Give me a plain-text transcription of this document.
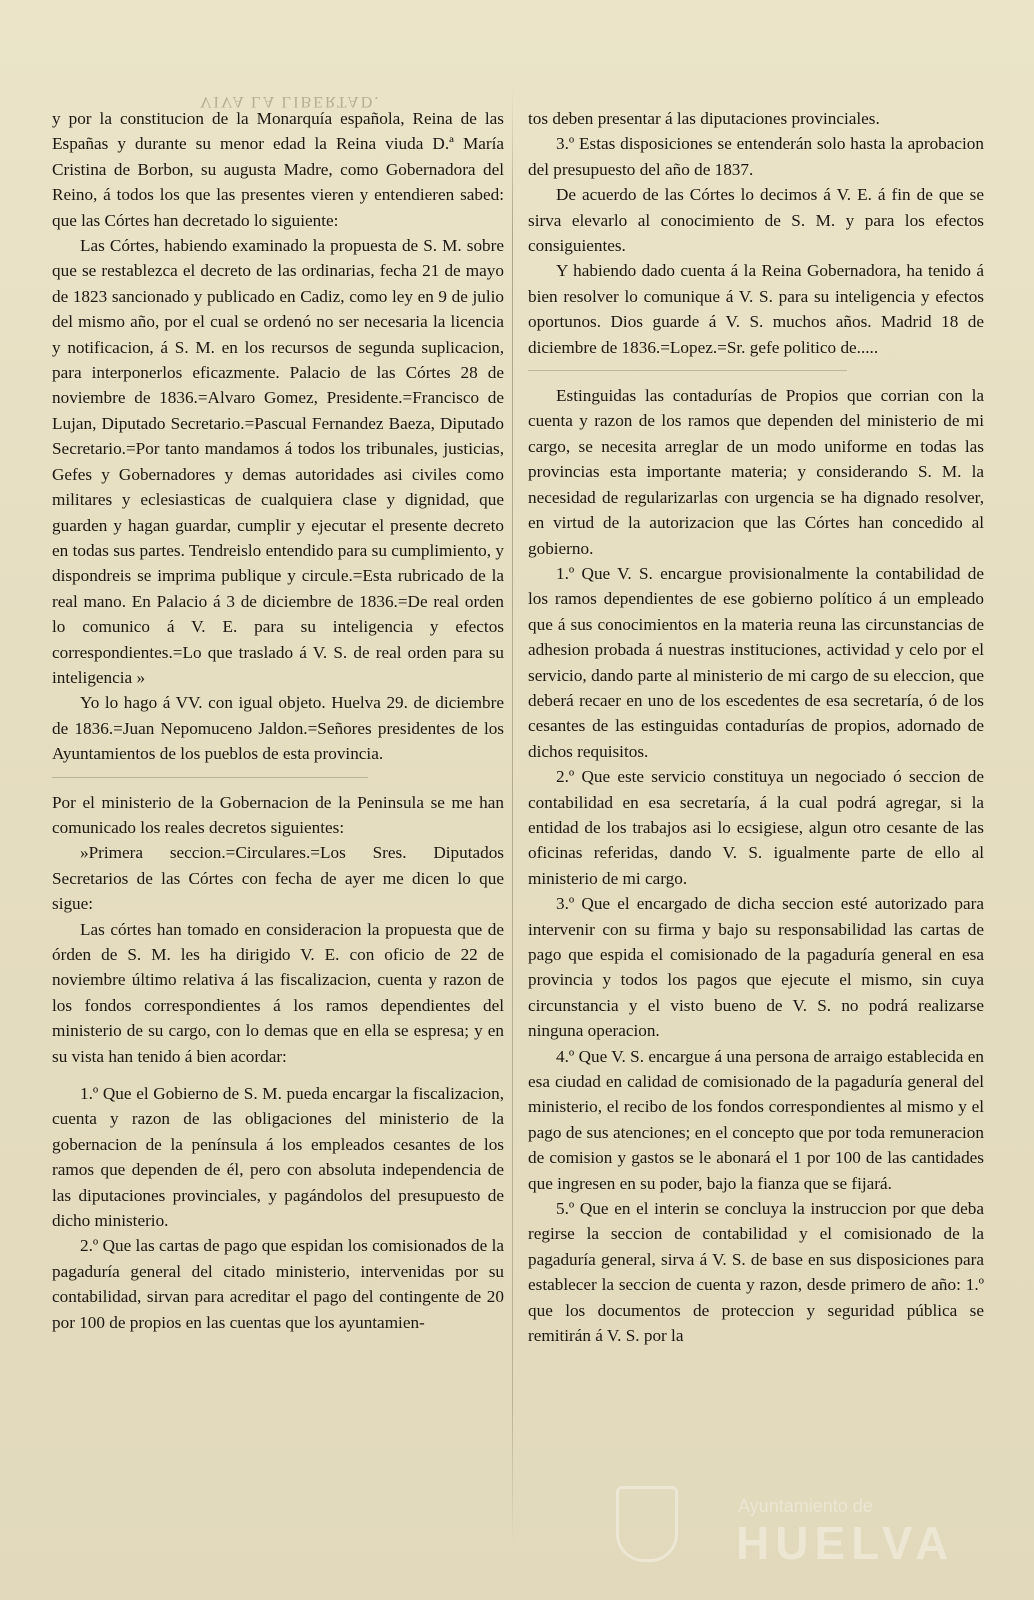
VIVA LA LIBERTAD.

y por la constitucion de la Monarquía española, Reina de las Españas y durante su menor edad la Reina viuda D.ª María Cristina de Borbon, su augusta Madre, como Gobernadora del Reino, á todos los que las presentes vieren y entendieren sabed: que las Córtes han decretado lo siguiente:

Las Córtes, habiendo examinado la propuesta de S. M. sobre que se restablezca el decreto de las ordinarias, fecha 21 de mayo de 1823 sancionado y publicado en Cadiz, como ley en 9 de julio del mismo año, por el cual se ordenó no ser necesaria la licencia y notificacion, á S. M. en los recursos de segunda suplicacion, para interponerlos eficazmente. Palacio de las Córtes 28 de noviembre de 1836.=Alvaro Gomez, Presidente.=Francisco de Lujan, Diputado Secretario.=Pascual Fernandez Baeza, Diputado Secretario.=Por tanto mandamos á todos los tribunales, justicias, Gefes y Gobernadores y demas autoridades asi civiles como militares y eclesiasticas de cualquiera clase y dignidad, que guarden y hagan guardar, cumplir y ejecutar el presente decreto en todas sus partes. Tendreislo entendido para su cumplimiento, y dispondreis se imprima publique y circule.=Esta rubricado de la real mano. En Palacio á 3 de diciembre de 1836.=De real orden lo comunico á V. E. para su inteligencia y efectos correspondientes.=Lo que traslado á V. S. de real orden para su inteligencia »

Yo lo hago á VV. con igual objeto. Huelva 29. de diciembre de 1836.=Juan Nepomuceno Jaldon.=Señores presidentes de los Ayuntamientos de los pueblos de esta provincia.

Por el ministerio de la Gobernacion de la Peninsula se me han comunicado los reales decretos siguientes:

»Primera seccion.=Circulares.=Los Sres. Diputados Secretarios de las Córtes con fecha de ayer me dicen lo que sigue:

Las córtes han tomado en consideracion la propuesta que de órden de S. M. les ha dirigido V. E. con oficio de 22 de noviembre último relativa á las fiscalizacion, cuenta y razon de los fondos correspondientes á los ramos dependientes del ministerio de su cargo, con lo demas que en ella se espresa; y en su vista han tenido á bien acordar:

1.º Que el Gobierno de S. M. pueda encargar la fiscalizacion, cuenta y razon de las obligaciones del ministerio de la gobernacion de la península á los empleados cesantes de los ramos que dependen de él, pero con absoluta independencia de las diputaciones provinciales, y pagándolos del presupuesto de dicho ministerio.

2.º Que las cartas de pago que espidan los comisionados de la pagaduría general del citado ministerio, intervenidas por su contabilidad, sirvan para acreditar el pago del contingente de 20 por 100 de propios en las cuentas que los ayuntamien-

tos deben presentar á las diputaciones provinciales.

3.º Estas disposiciones se entenderán solo hasta la aprobacion del presupuesto del año de 1837.

De acuerdo de las Córtes lo decimos á V. E. á fin de que se sirva elevarlo al conocimiento de S. M. y para los efectos consiguientes.

Y habiendo dado cuenta á la Reina Gobernadora, ha tenido á bien resolver lo comunique á V. S. para su inteligencia y efectos oportunos. Dios guarde á V. S. muchos años. Madrid 18 de diciembre de 1836.=Lopez.=Sr. gefe politico de.....

Estinguidas las contadurías de Propios que corrian con la cuenta y razon de los ramos que dependen del ministerio de mi cargo, se necesita arreglar de un modo uniforme en todas las provincias esta importante materia; y considerando S. M. la necesidad de regularizarlas con urgencia se ha dignado resolver, en virtud de la autorizacion que las Córtes han concedido al gobierno.

1.º Que V. S. encargue provisionalmente la contabilidad de los ramos dependientes de ese gobierno político á un empleado que á sus conocimientos en la materia reuna las circunstancias de adhesion probada á nuestras instituciones, actividad y celo por el servicio, dando parte al ministerio de mi cargo de su eleccion, que deberá recaer en uno de los escedentes de esa secretaría, ó de los cesantes de las estinguidas contadurías de propios, adornado de dichos requisitos.

2.º Que este servicio constituya un negociado ó seccion de contabilidad en esa secretaría, á la cual podrá agregar, si la entidad de los trabajos asi lo ecsigiese, algun otro cesante de las oficinas referidas, dando V. S. igualmente parte de ello al ministerio de mi cargo.

3.º Que el encargado de dicha seccion esté autorizado para intervenir con su firma y bajo su responsabilidad las cartas de pago que espida el comisionado de la pagaduría general en esa provincia y todos los pagos que ejecute el mismo, sin cuya circunstancia y el visto bueno de V. S. no podrá realizarse ninguna operacion.

4.º Que V. S. encargue á una persona de arraigo establecida en esa ciudad en calidad de comisionado de la pagaduría general del ministerio, el recibo de los fondos correspondientes al mismo y el pago de sus atenciones; en el concepto que por toda remuneracion de comision y gastos se le abonará el 1 por 100 de las cantidades que ingresen en su poder, bajo la fianza que se fijará.

5.º Que en el interin se concluya la instruccion por que deba regirse la seccion de contabilidad y el comisionado de la pagaduría general, sirva á V. S. de base en sus disposiciones para establecer la seccion de cuenta y razon, desde primero de año: 1.º que los documentos de proteccion y seguridad pública se remitirán á V. S. por la

Ayuntamiento de
HUELVA
